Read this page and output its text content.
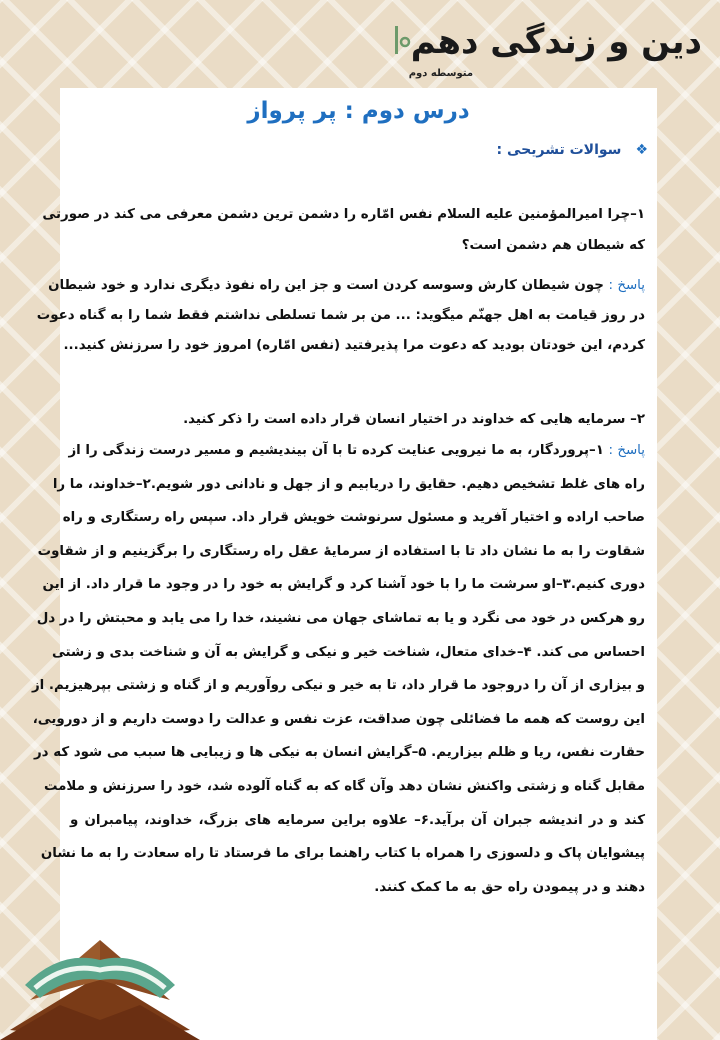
دین و زندگی دهم
متوسطه دوم
درس دوم : پر پرواز
❖سوالات تشریحی :
۱–چرا امیرالمؤمنین علیه السلام نفس امّاره را دشمن ترین دشمن معرفی می کند در صورتی
که شیطان هم دشمن است؟
پاسخ : چون شیطان کارش وسوسه کردن است و جز این راه نفوذ دیگری ندارد و خود شیطان
در روز قیامت به اهل جهنّم میگوید: ... من بر شما تسلطی نداشتم فقط شما را به گناه دعوت
کردم، این خودتان بودید که دعوت مرا پذیرفتید (نفس امّاره) امروز خود را سرزنش کنید...
۲– سرمایه هایی که خداوند در اختیار انسان قرار داده است را ذکر کنید.
پاسخ : ۱–پروردگار، به ما نیرویی عنایت کرده تا با آن بیندیشیم و مسیر درست زندگی را از
راه های غلط تشخیص دهیم. حقایق را دریابیم و از جهل و نادانی دور شویم.۲–خداوند، ما را
صاحب اراده و اختیار آفرید و مسئول سرنوشت خویش قرار داد. سپس راه رستگاری و راه
شقاوت را به ما نشان داد تا با استفاده از سرمایهٔ عقل راه رستگاری را برگزینیم و از شقاوت
دوری کنیم.۳–او سرشت ما را با خود آشنا کرد و گرایش به خود را در وجود ما قرار داد. از این
رو هرکس در خود می نگرد و یا به تماشای جهان می نشیند، خدا را می یابد و محبتش را در دل
احساس می کند. ۴–خدای متعال، شناخت خیر و نیکی و گرایش به آن و شناخت بدی و زشتی
و بیزاری از آن را دروجود ما قرار داد، تا به خیر و نیکی روآوریم و از گناه و زشتی بپرهیزیم. از
این روست که همه ما فضائلی چون صداقت، عزت نفس و عدالت را دوست داریم و از دورویی،
حقارت نفس، ریا و ظلم بیزاریم. ۵–گرایش انسان به نیکی ها و زیبایی ها سبب می شود که در
مقابل گناه و زشتی واکنش نشان دهد وآن گاه که به گناه آلوده شد، خود را سرزنش و ملامت
کند و در اندیشه جبران آن برآید.۶– علاوه براین سرمایه های بزرگ، خداوند، پیامبران و
پیشوایان پاک و دلسوزی را همراه با کتاب راهنما برای ما فرستاد تا راه سعادت را به ما نشان
دهند و در پیمودن راه حق به ما کمک کنند.
